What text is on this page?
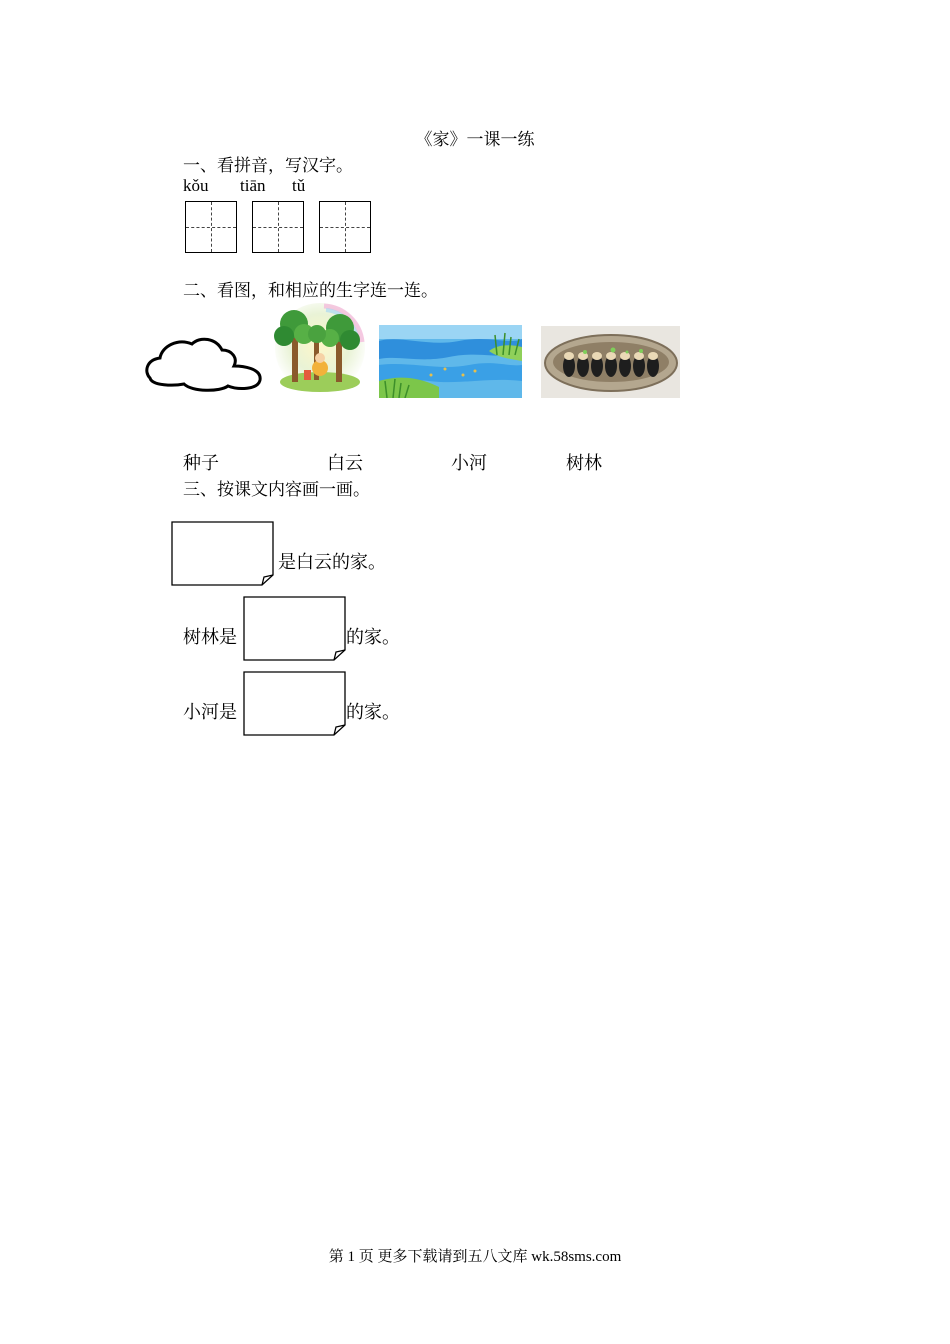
《家》一课一练
一、看拼音，写汉字。
kǒu tiān tǔ
二、看图，和相应的生字连一连。
种子	白云	小河	树林
三、按课文内容画一画。
是白云的家。
树林是	的家。
小河是	的家。
第 1 页 更多下载请到五八文库 wk.58sms.com
